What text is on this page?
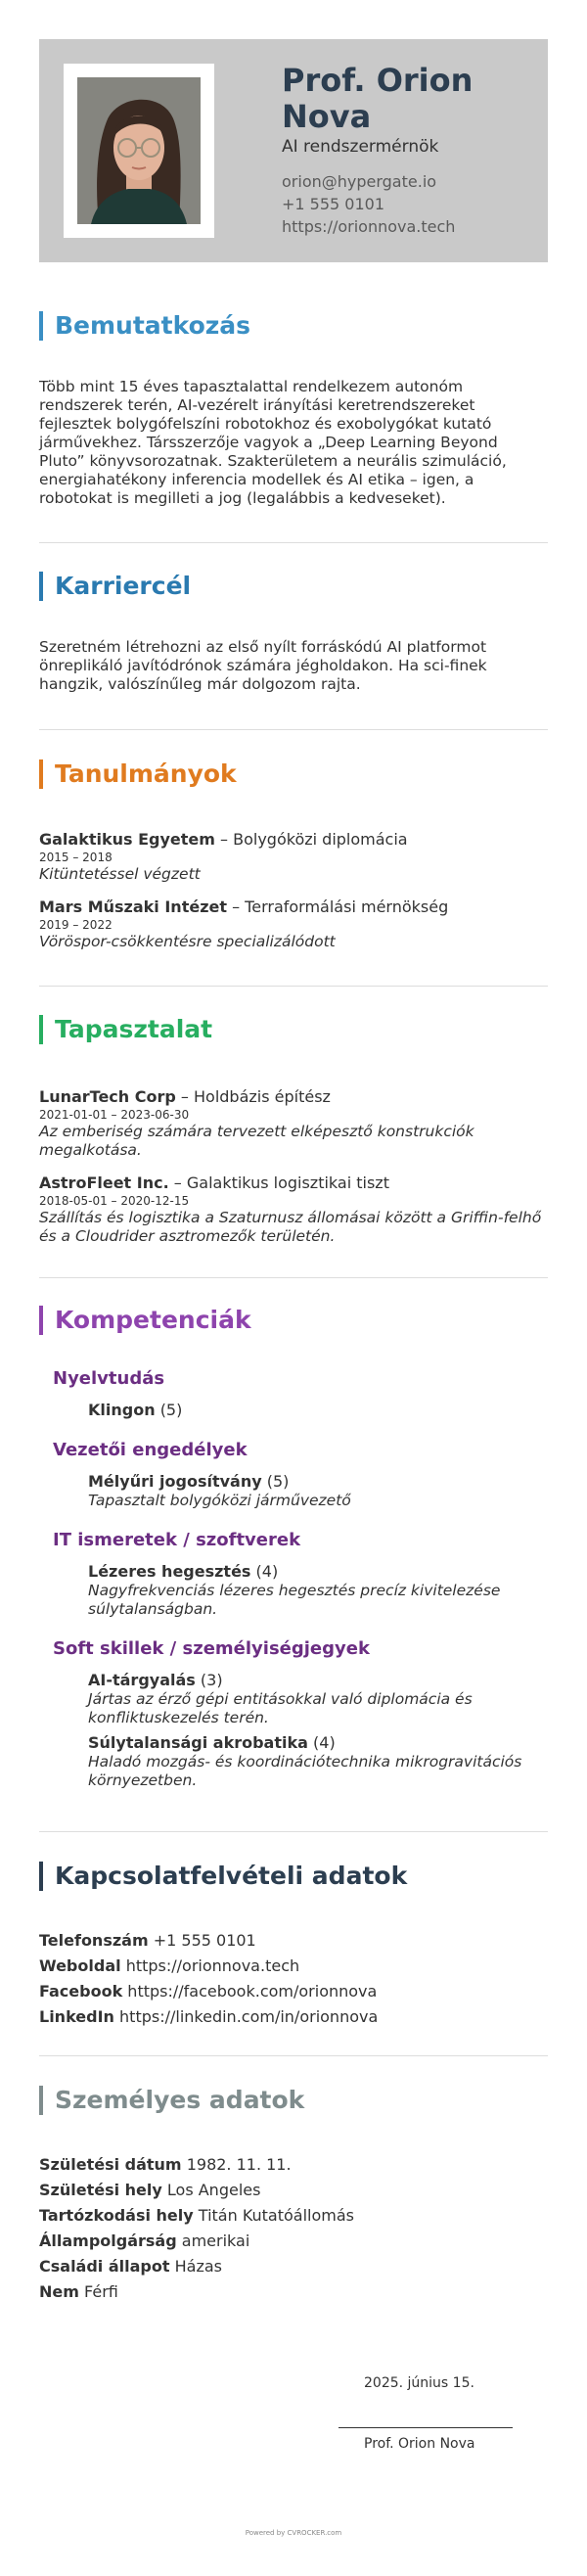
Prof. Orion Nova
AI rendszermérnök
orion@hypergate.io
+1 555 0101
https://orionnova.tech
Bemutatkozás
Több mint 15 éves tapasztalattal rendelkezem autonóm rendszerek terén, AI-vezérelt irányítási keretrendszereket fejlesztek bolygófelszíni robotokhoz és exobolygókat kutató járművekhez. Társszerzője vagyok a „Deep Learning Beyond Pluto” könyvsorozatnak. Szakterületem a neurális szimuláció, energiahatékony inferencia modellek és AI etika – igen, a robotokat is megilleti a jog (legalábbis a kedveseket).
Karriercél
Szeretném létrehozni az első nyílt forráskódú AI platformot önreplikáló javítódrónok számára jégholdakon. Ha sci-finek hangzik, valószínűleg már dolgozom rajta.
Tanulmányok
Galaktikus Egyetem – Bolygóközi diplomácia
2015 – 2018
Kitüntetéssel végzett
Mars Műszaki Intézet – Terraformálási mérnökség
2019 – 2022
Vöröspor-csökkentésre specializálódott
Tapasztalat
LunarTech Corp – Holdbázis építész
2021-01-01 – 2023-06-30
Az emberiség számára tervezett elképesztő konstrukciók megalkotása.
AstroFleet Inc. – Galaktikus logisztikai tiszt
2018-05-01 – 2020-12-15
Szállítás és logisztika a Szaturnusz állomásai között a Griffin-felhő és a Cloudrider asztromezők területén.
Kompetenciák
Nyelvtudás
Klingon (5)
Vezetői engedélyek
Mélyűri jogosítvány (5)
Tapasztalt bolygóközi járművezető
IT ismeretek / szoftverek
Lézeres hegesztés (4)
Nagyfrekvenciás lézeres hegesztés precíz kivitelezése súlytalanságban.
Soft skillek / személyiségjegyek
AI-tárgyalás (3)
Jártas az érző gépi entitásokkal való diplomácia és konfliktuskezelés terén.
Súlytalansági akrobatika (4)
Haladó mozgás- és koordinációtechnika mikrogravitációs környezetben.
Kapcsolatfelvételi adatok
Telefonszám +1 555 0101
Weboldal https://orionnova.tech
Facebook https://facebook.com/orionnova
LinkedIn https://linkedin.com/in/orionnova
Személyes adatok
Születési dátum 1982. 11. 11.
Születési hely Los Angeles
Tartózkodási hely Titán Kutatóállomás
Állampolgárság amerikai
Családi állapot Házas
Nem Férfi
2025. június 15.
Prof. Orion Nova
Powered by CVROCKER.com
